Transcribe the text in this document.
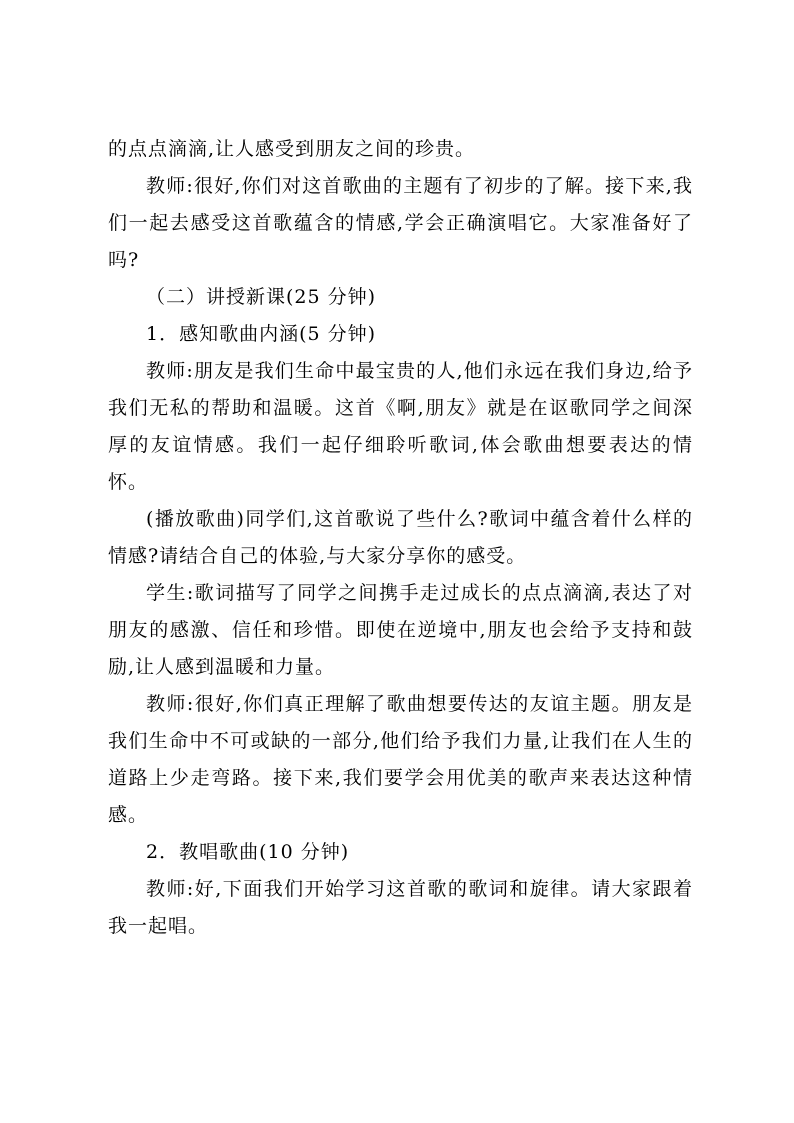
的点点滴滴,让人感受到朋友之间的珍贵。

教师:很好,你们对这首歌曲的主题有了初步的了解。接下来,我们一起去感受这首歌蕴含的情感,学会正确演唱它。大家准备好了吗?

（二）讲授新课(25 分钟)

1．感知歌曲内涵(5 分钟)

教师:朋友是我们生命中最宝贵的人,他们永远在我们身边,给予我们无私的帮助和温暖。这首《啊,朋友》就是在讴歌同学之间深厚的友谊情感。我们一起仔细聆听歌词,体会歌曲想要表达的情怀。

(播放歌曲)同学们,这首歌说了些什么?歌词中蕴含着什么样的情感?请结合自己的体验,与大家分享你的感受。

学生:歌词描写了同学之间携手走过成长的点点滴滴,表达了对朋友的感激、信任和珍惜。即使在逆境中,朋友也会给予支持和鼓励,让人感到温暖和力量。

教师:很好,你们真正理解了歌曲想要传达的友谊主题。朋友是我们生命中不可或缺的一部分,他们给予我们力量,让我们在人生的道路上少走弯路。接下来,我们要学会用优美的歌声来表达这种情感。

2．教唱歌曲(10 分钟)

教师:好,下面我们开始学习这首歌的歌词和旋律。请大家跟着我一起唱。
